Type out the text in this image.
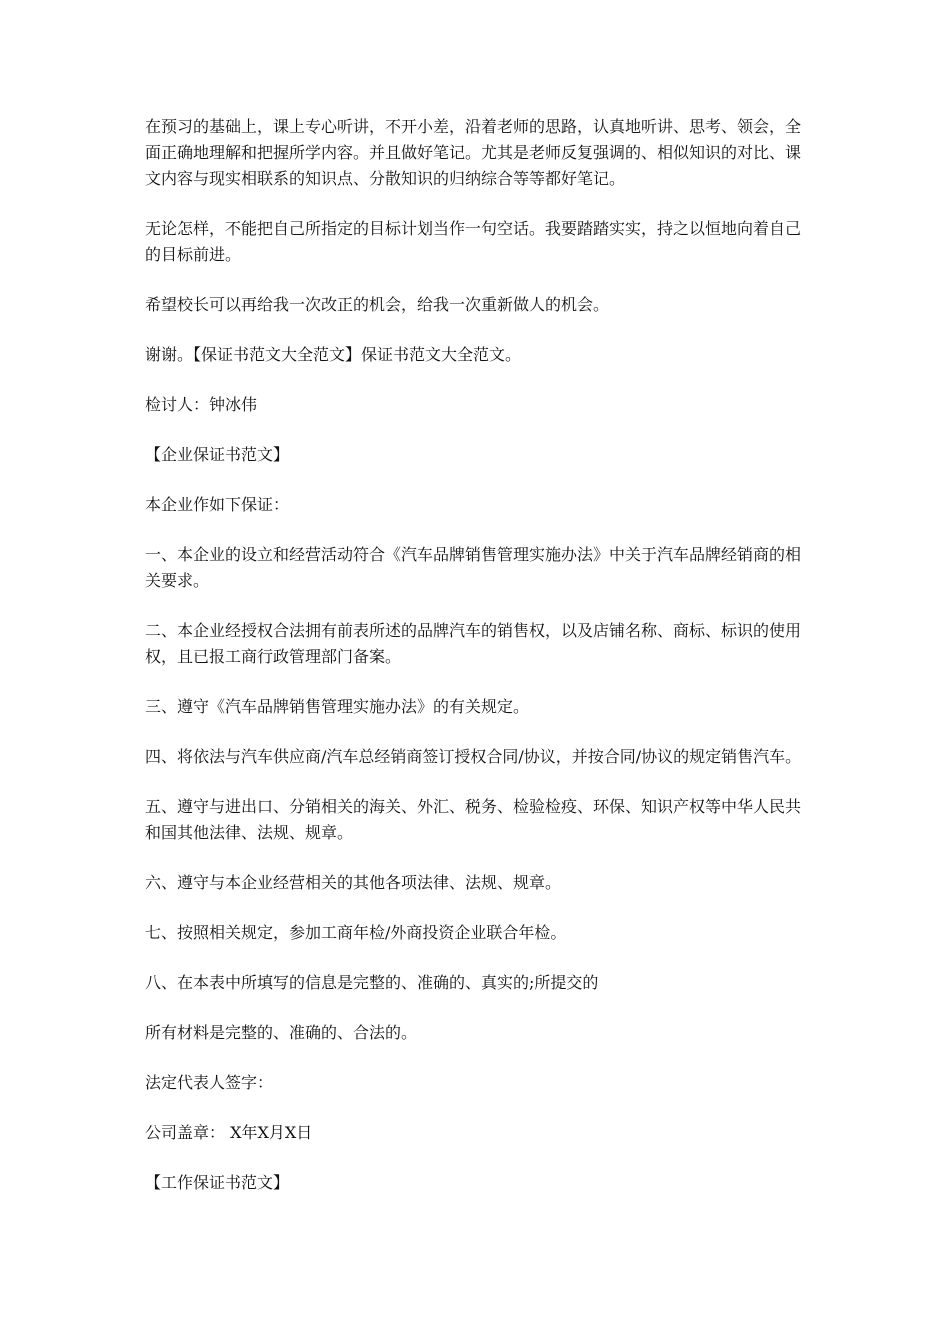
在预习的基础上，课上专心听讲，不开小差，沿着老师的思路，认真地听讲、思考、领会，全面正确地理解和把握所学内容。并且做好笔记。尤其是老师反复强调的、相似知识的对比、课文内容与现实相联系的知识点、分散知识的归纳综合等等都好笔记。

无论怎样，不能把自己所指定的目标计划当作一句空话。我要踏踏实实，持之以恒地向着自己的目标前进。

希望校长可以再给我一次改正的机会，给我一次重新做人的机会。

谢谢。【保证书范文大全范文】保证书范文大全范文。

检讨人：钟冰伟

【企业保证书范文】

本企业作如下保证：

一、本企业的设立和经营活动符合《汽车品牌销售管理实施办法》中关于汽车品牌经销商的相关要求。

二、本企业经授权合法拥有前表所述的品牌汽车的销售权，以及店铺名称、商标、标识的使用权，且已报工商行政管理部门备案。

三、遵守《汽车品牌销售管理实施办法》的有关规定。

四、将依法与汽车供应商/汽车总经销商签订授权合同/协议，并按合同/协议的规定销售汽车。

五、遵守与进出口、分销相关的海关、外汇、税务、检验检疫、环保、知识产权等中华人民共和国其他法律、法规、规章。

六、遵守与本企业经营相关的其他各项法律、法规、规章。

七、按照相关规定，参加工商年检/外商投资企业联合年检。

八、在本表中所填写的信息是完整的、准确的、真实的;所提交的

所有材料是完整的、准确的、合法的。

法定代表人签字：

公司盖章： X年X月X日

【工作保证书范文】
